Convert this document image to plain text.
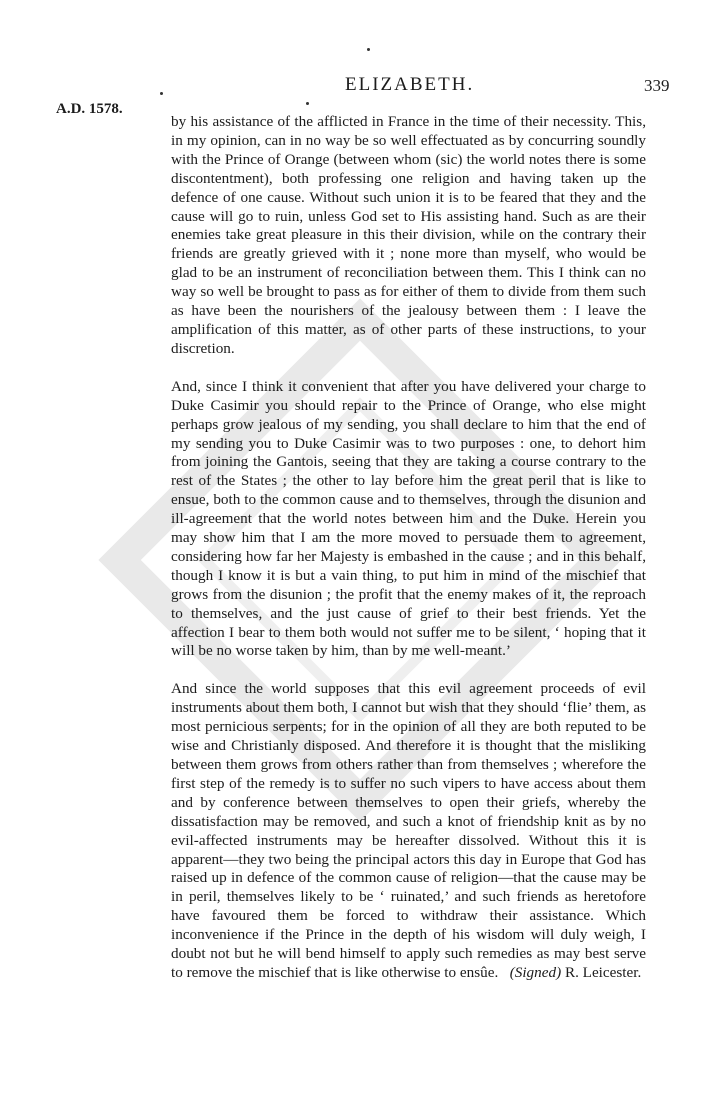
ELIZABETH.	339
A.D. 1578.

by his assistance of the afflicted in France in the time of their necessity. This, in my opinion, can in no way be so well effectuated as by concurring soundly with the Prince of Orange (between whom (sic) the world notes there is some discontentment), both professing one religion and having taken up the defence of one cause. Without such union it is to be feared that they and the cause will go to ruin, unless God set to His assisting hand. Such as are their enemies take great pleasure in this their division, while on the contrary their friends are greatly grieved with it ; none more than myself, who would be glad to be an instrument of reconciliation between them. This I think can no way so well be brought to pass as for either of them to divide from them such as have been the nourishers of the jealousy between them : I leave the amplification of this matter, as of other parts of these instructions, to your discretion.

And, since I think it convenient that after you have delivered your charge to Duke Casimir you should repair to the Prince of Orange, who else might perhaps grow jealous of my sending, you shall declare to him that the end of my sending you to Duke Casimir was to two purposes : one, to dehort him from joining the Gantois, seeing that they are taking a course contrary to the rest of the States ; the other to lay before him the great peril that is like to ensue, both to the common cause and to themselves, through the disunion and ill-agreement that the world notes between him and the Duke. Herein you may show him that I am the more moved to persuade them to agreement, considering how far her Majesty is embashed in the cause ; and in this behalf, though I know it is but a vain thing, to put him in mind of the mischief that grows from the disunion ; the profit that the enemy makes of it, the reproach to themselves, and the just cause of grief to their best friends. Yet the affection I bear to them both would not suffer me to be silent, ‘ hoping that it will be no worse taken by him, than by me well-meant.’

And since the world supposes that this evil agreement proceeds of evil instruments about them both, I cannot but wish that they should ‘flie’ them, as most pernicious serpents; for in the opinion of all they are both reputed to be wise and Christianly disposed. And therefore it is thought that the misliking between them grows from others rather than from themselves ; wherefore the first step of the remedy is to suffer no such vipers to have access about them and by conference between themselves to open their griefs, whereby the dissatisfaction may be removed, and such a knot of friendship knit as by no evil-affected instruments may be hereafter dissolved. Without this it is apparent—they two being the principal actors this day in Europe that God has raised up in defence of the common cause of religion—that the cause may be in peril, themselves likely to be ‘ ruinated,’ and such friends as heretofore have favoured them be forced to withdraw their assistance. Which inconvenience if the Prince in the depth of his wisdom will duly weigh, I doubt not but he will bend himself to apply such remedies as may best serve to remove the mischief that is like otherwise to ensûe. (Signed) R. Leicester.
